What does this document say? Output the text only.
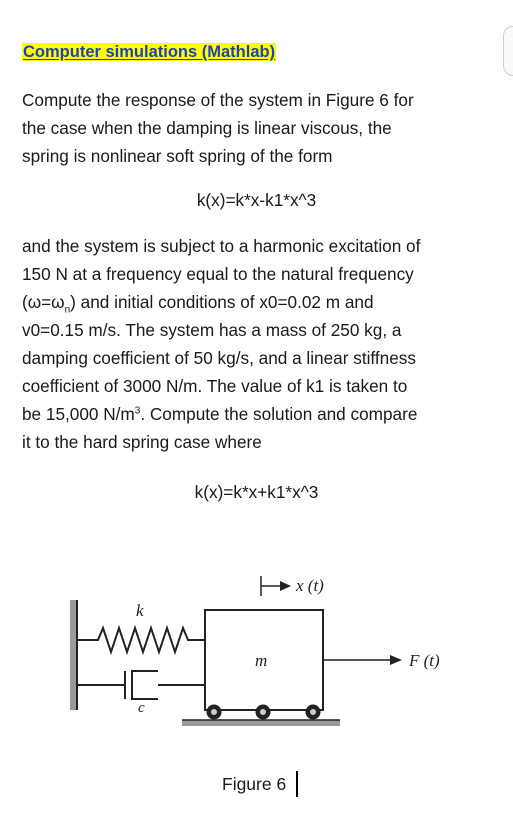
Computer simulations (Mathlab)

Compute the response of the system in Figure 6 for
the case when the damping is linear viscous, the
spring is nonlinear soft spring of the form

k(x)=k*x-k1*x^3

and the system is subject to a harmonic excitation of
150 N at a frequency equal to the natural frequency
$(\omega=\omega_n)$ and initial conditions of x0=0.02 m and
v0=0.15 m/s. The system has a mass of 250 kg, a
damping coefficient of 50 kg/s, and a linear stiffness
coefficient of 3000 N/m. The value of k1 is taken to
be 15,000 $N/m^3$. Compute the solution and compare
it to the hard spring case where

k(x)=k*x+k1*x^3
k
c
m
x (t)
F (t)
Figure 6
